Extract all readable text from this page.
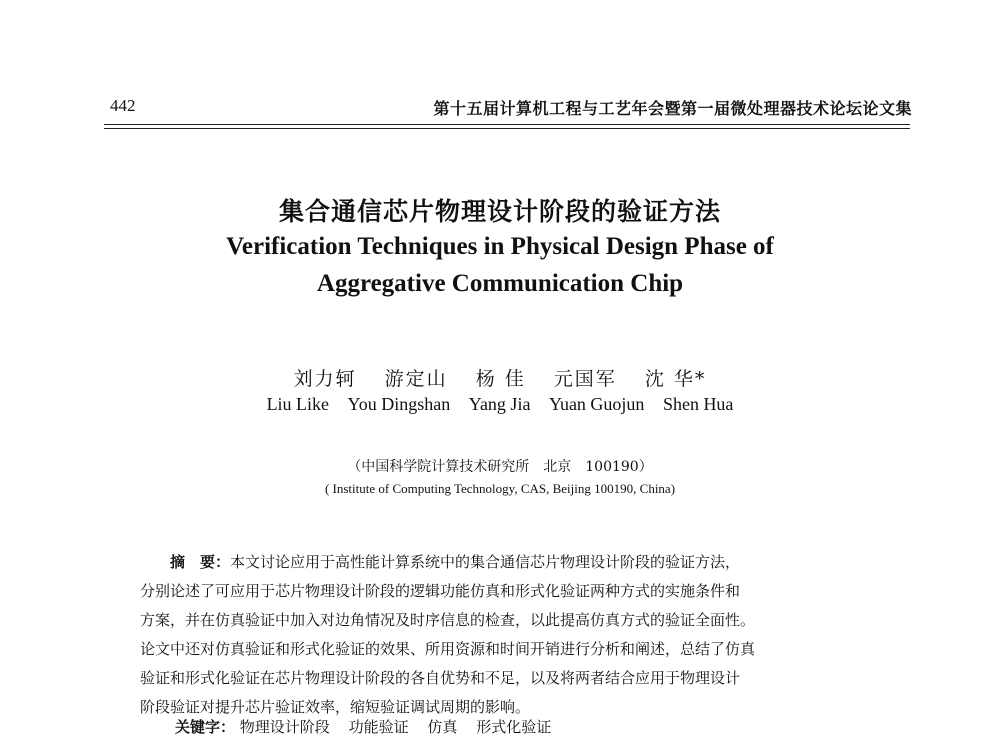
442	第十五届计算机工程与工艺年会暨第一届微处理器技术论坛论文集
集合通信芯片物理设计阶段的验证方法
Verification Techniques in Physical Design Phase of
Aggregative Communication Chip
刘力轲 游定山 杨 佳 元国军 沈 华*
Liu Like You Dingshan Yang Jia Yuan Guojun Shen Hua
（中国科学院计算技术研究所　北京　100190）
( Institute of Computing Technology, CAS, Beijing 100190, China)
　　摘　要：本文讨论应用于高性能计算系统中的集合通信芯片物理设计阶段的验证方法，
分别论述了可应用于芯片物理设计阶段的逻辑功能仿真和形式化验证两种方式的实施条件和
方案，并在仿真验证中加入对边角情况及时序信息的检查，以此提高仿真方式的验证全面性。
论文中还对仿真验证和形式化验证的效果、所用资源和时间开销进行分析和阐述，总结了仿真
验证和形式化验证在芯片物理设计阶段的各自优势和不足，以及将两者结合应用于物理设计
阶段验证对提升芯片验证效率，缩短验证调试周期的影响。
关键字： 物理设计阶段 功能验证 仿真 形式化验证
